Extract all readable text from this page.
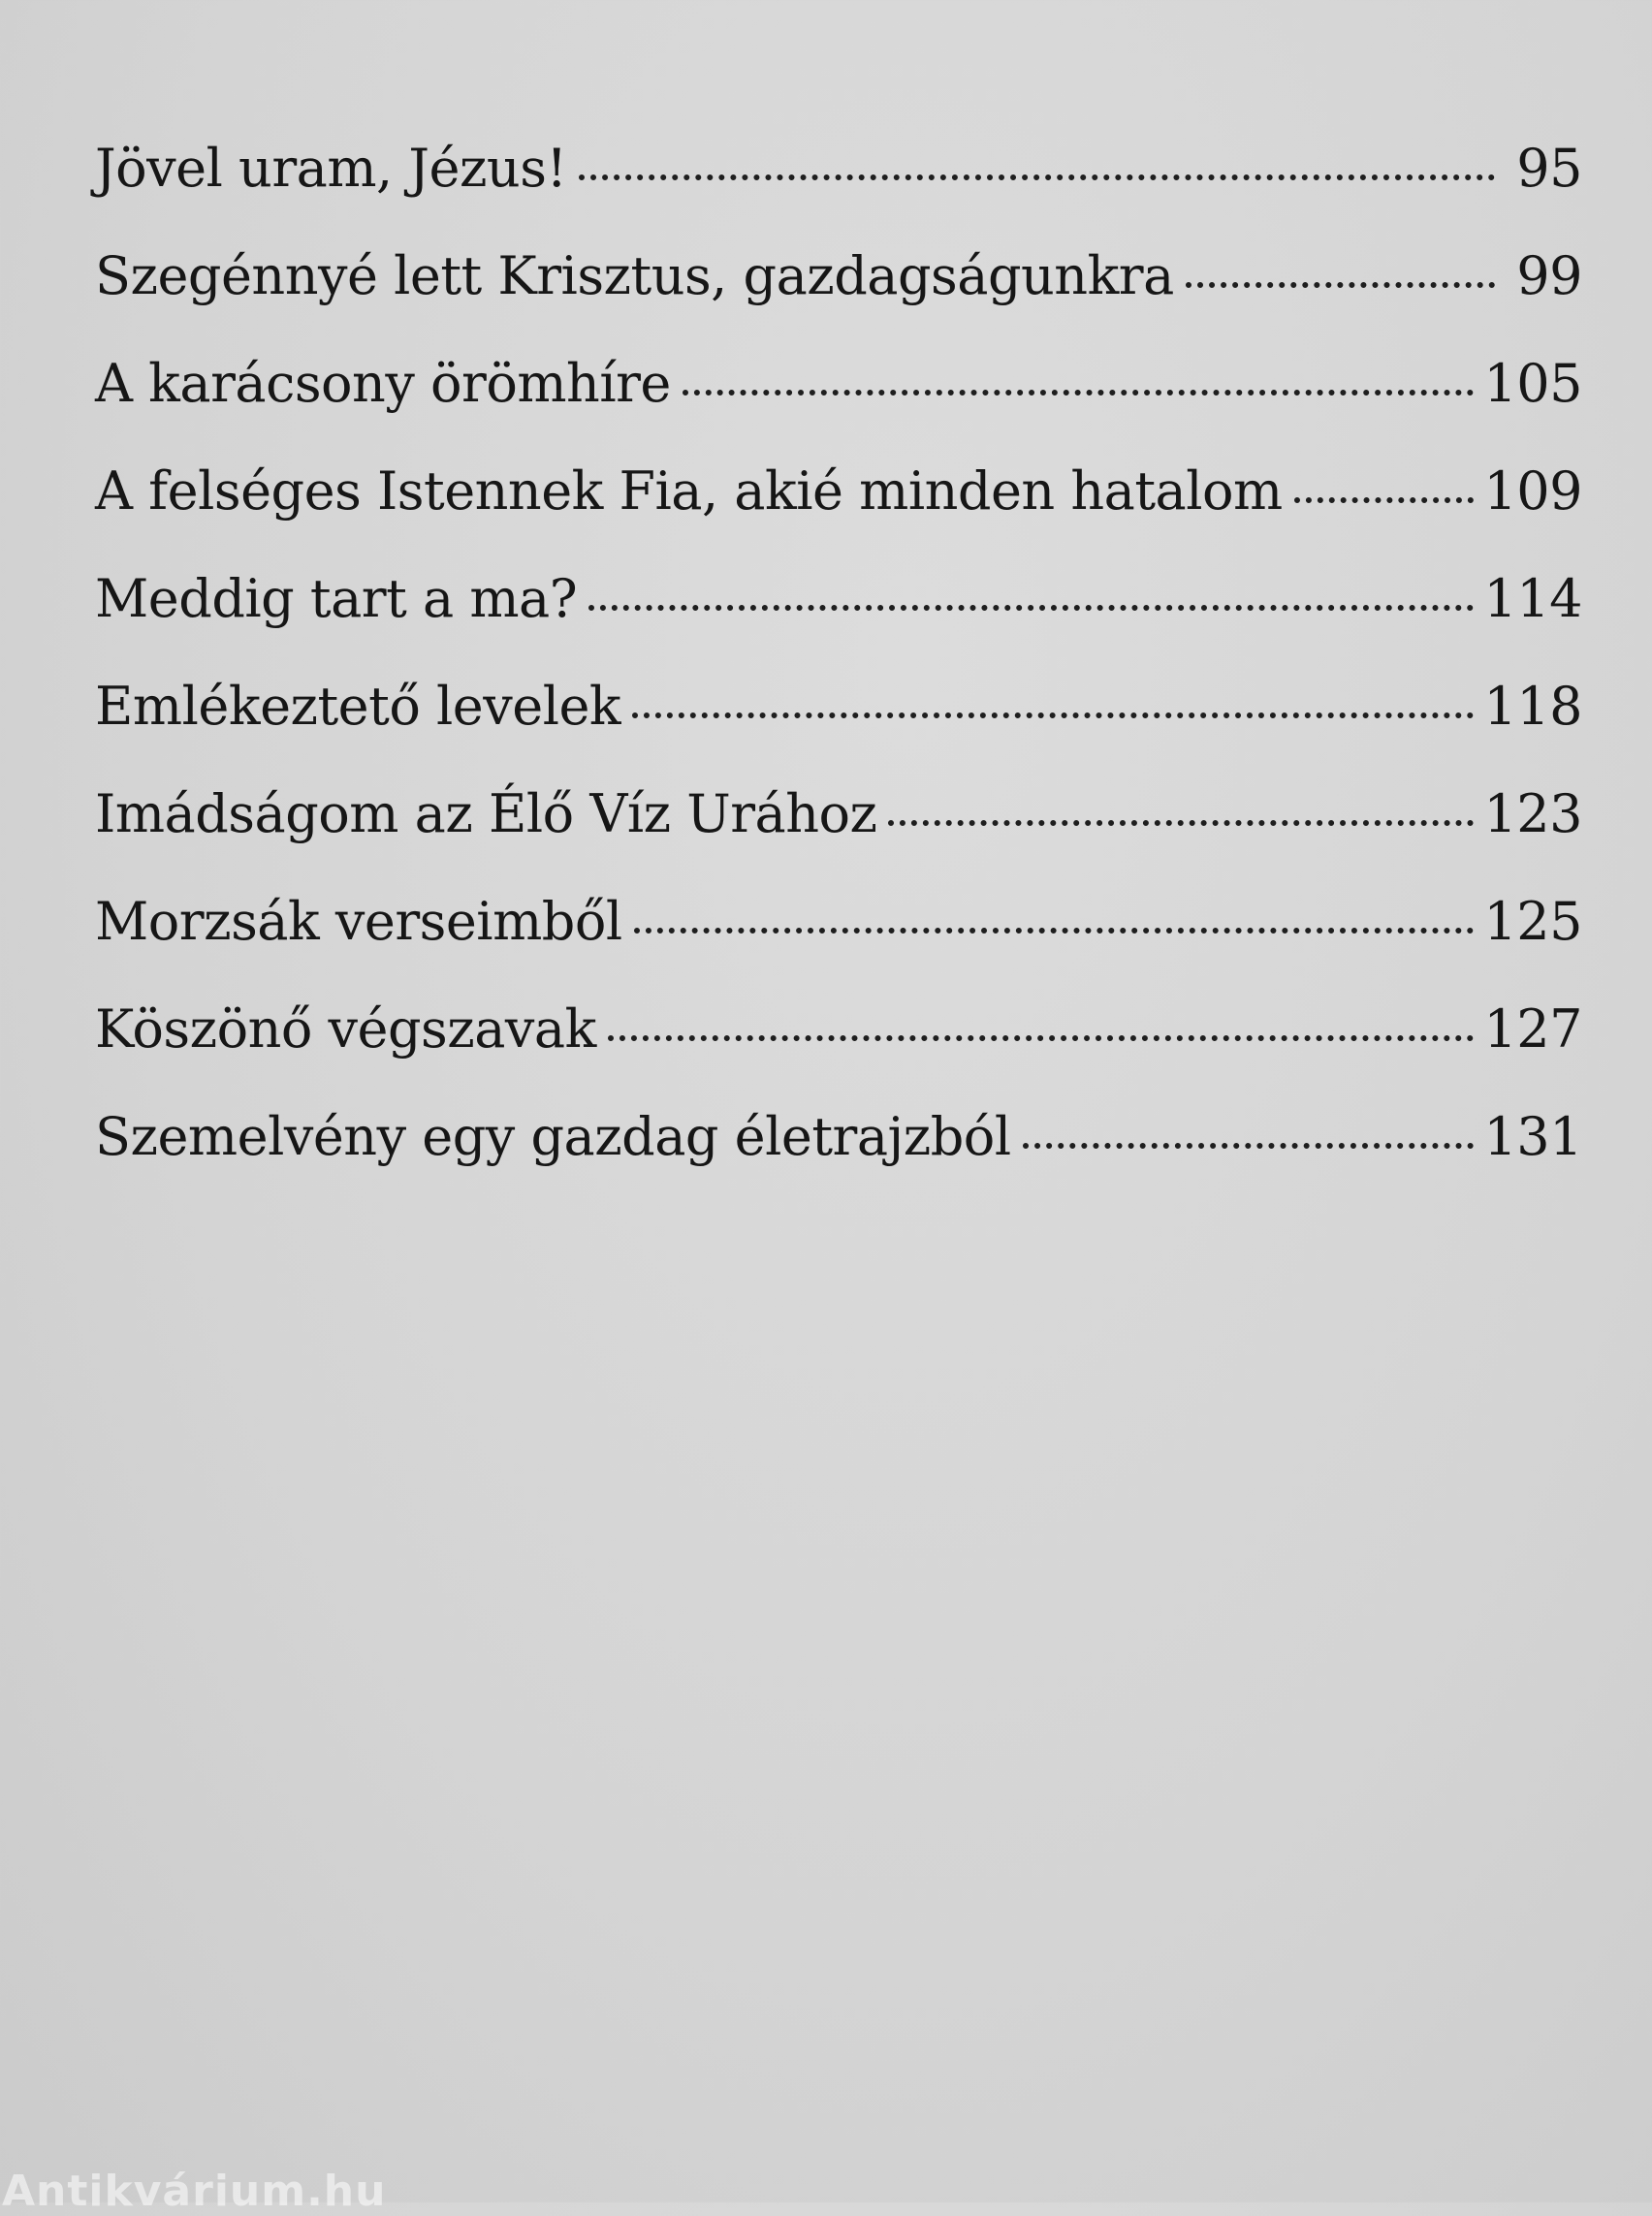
Jövel uram, Jézus!	95
Szegénnyé lett Krisztus, gazdagságunkra	99
A karácsony örömhíre	105
A felséges Istennek Fia, akié minden hatalom	109
Meddig tart a ma?	114
Emlékeztető levelek	118
Imádságom az Élő Víz Urához	123
Morzsák verseimből	125
Köszönő végszavak	127
Szemelvény egy gazdag életrajzból	131
Antikvárium.hu
